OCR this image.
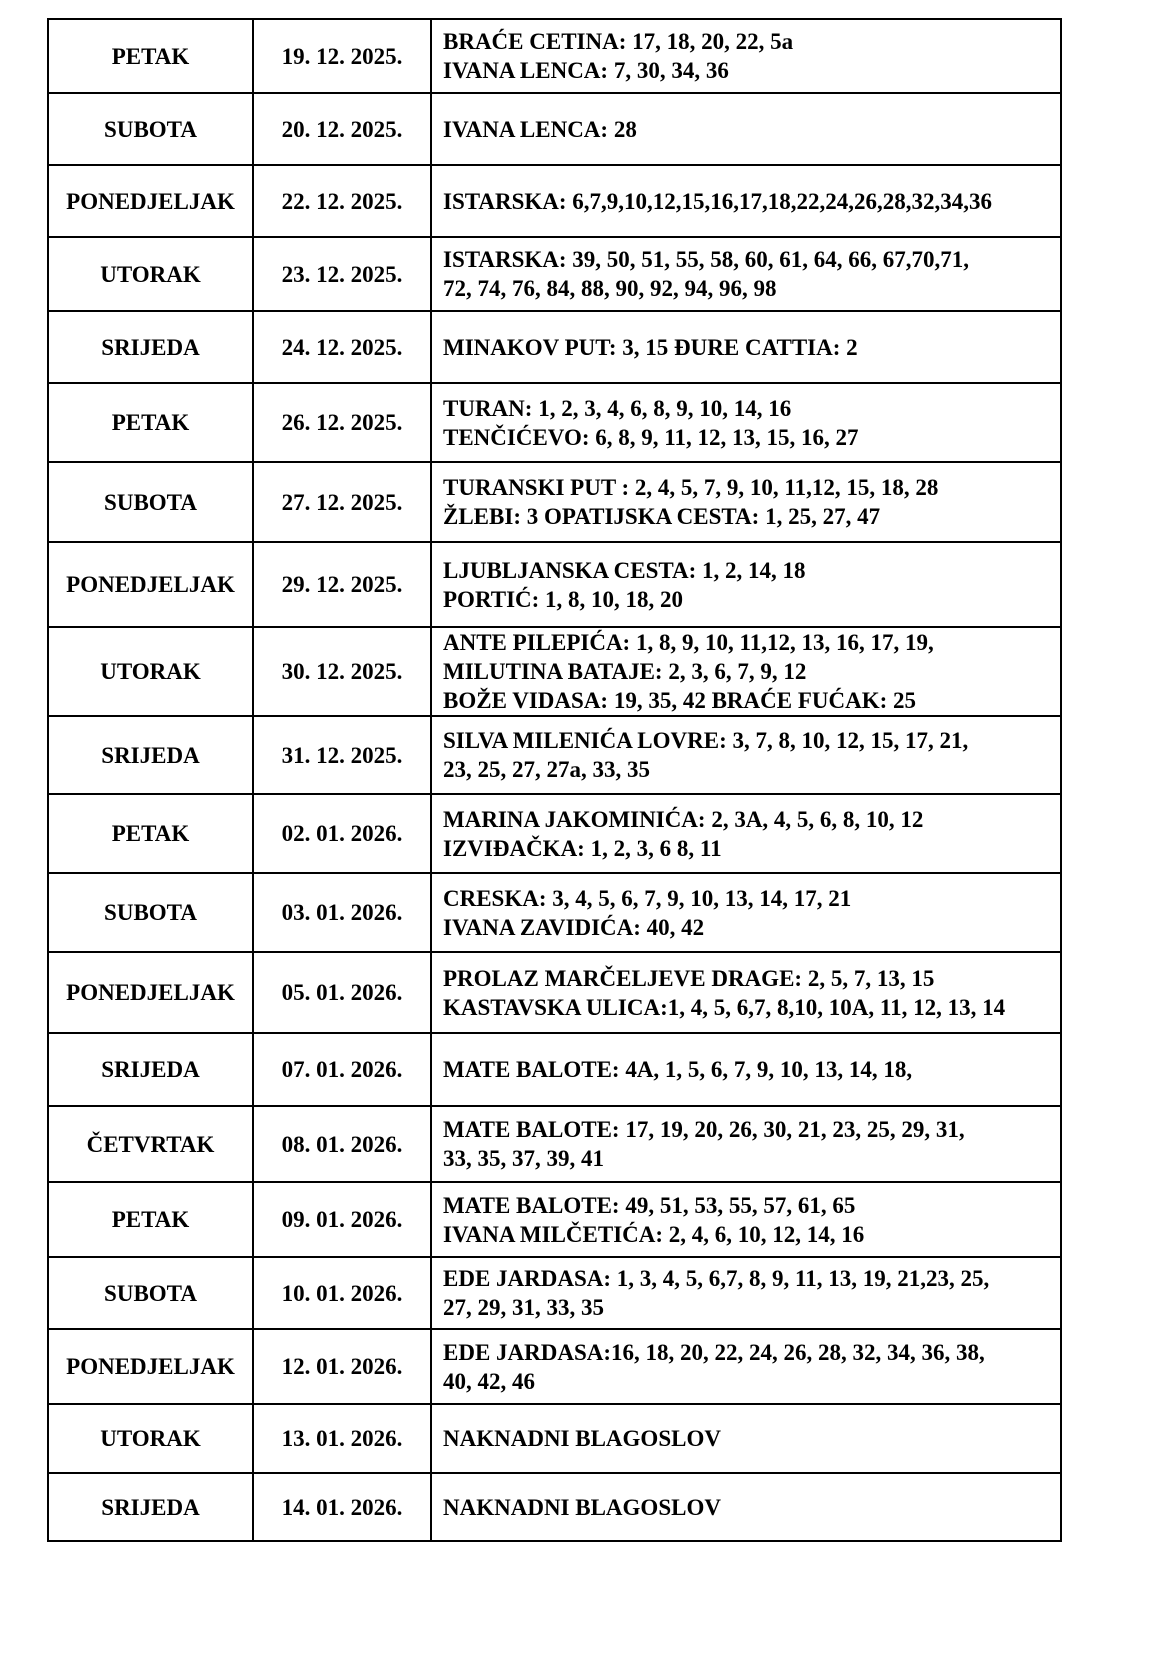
PETAK	19. 12. 2025.	BRAĆE CETINA: 17, 18, 20, 22, 5a
IVANA LENCA: 7, 30, 34, 36

SUBOTA	20. 12. 2025.	IVANA LENCA: 28

PONEDJELJAK	22. 12. 2025.	ISTARSKA: 6,7,9,10,12,15,16,17,18,22,24,26,28,32,34,36

UTORAK	23. 12. 2025.	ISTARSKA: 39, 50, 51, 55, 58, 60, 61, 64, 66, 67,70,71,
72, 74, 76, 84, 88, 90, 92, 94, 96, 98

SRIJEDA	24. 12. 2025.	MINAKOV PUT: 3, 15 ĐURE CATTIA: 2

PETAK	26. 12. 2025.	TURAN: 1, 2, 3, 4, 6, 8, 9, 10, 14, 16
TENČIĆEVO: 6, 8, 9, 11, 12, 13, 15, 16, 27

SUBOTA	27. 12. 2025.	TURANSKI PUT : 2, 4, 5, 7, 9, 10, 11,12, 15, 18, 28
ŽLEBI: 3 OPATIJSKA CESTA: 1, 25, 27, 47

PONEDJELJAK	29. 12. 2025.	LJUBLJANSKA CESTA: 1, 2, 14, 18
PORTIĆ: 1, 8, 10, 18, 20

UTORAK	30. 12. 2025.	ANTE PILEPIĆA: 1, 8, 9, 10, 11,12, 13, 16, 17, 19,
MILUTINA BATAJE: 2, 3, 6, 7, 9, 12
BOŽE VIDASA: 19, 35, 42 BRAĆE FUĆAK: 25

SRIJEDA	31. 12. 2025.	SILVA MILENIĆA LOVRE: 3, 7, 8, 10, 12, 15, 17, 21,
23, 25, 27, 27a, 33, 35

PETAK	02. 01. 2026.	MARINA JAKOMINIĆA: 2, 3A, 4, 5, 6, 8, 10, 12
IZVIĐAČKA: 1, 2, 3, 6 8, 11

SUBOTA	03. 01. 2026.	CRESKA: 3, 4, 5, 6, 7, 9, 10, 13, 14, 17, 21
IVANA ZAVIDIĆA: 40, 42

PONEDJELJAK	05. 01. 2026.	PROLAZ MARČELJEVE DRAGE: 2, 5, 7, 13, 15
KASTAVSKA ULICA:1, 4, 5, 6,7, 8,10, 10A, 11, 12, 13, 14

SRIJEDA	07. 01. 2026.	MATE BALOTE: 4A, 1, 5, 6, 7, 9, 10, 13, 14, 18,

ČETVRTAK	08. 01. 2026.	MATE BALOTE: 17, 19, 20, 26, 30, 21, 23, 25, 29, 31,
33, 35, 37, 39, 41

PETAK	09. 01. 2026.	MATE BALOTE: 49, 51, 53, 55, 57, 61, 65
IVANA MILČETIĆA: 2, 4, 6, 10, 12, 14, 16

SUBOTA	10. 01. 2026.	EDE JARDASA: 1, 3, 4, 5, 6,7, 8, 9, 11, 13, 19, 21,23, 25,
27, 29, 31, 33, 35

PONEDJELJAK	12. 01. 2026.	EDE JARDASA:16, 18, 20, 22, 24, 26, 28, 32, 34, 36, 38,
40, 42, 46

UTORAK	13. 01. 2026.	NAKNADNI BLAGOSLOV

SRIJEDA	14. 01. 2026.	NAKNADNI BLAGOSLOV
